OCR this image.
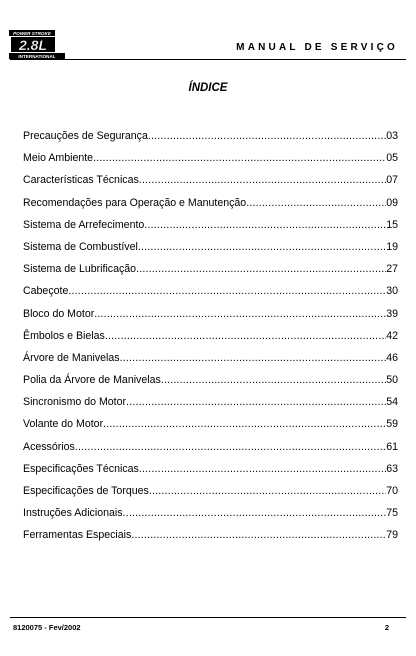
POWER STROKE
2.8L
INTERNATIONAL
MANUAL DE SERVIÇO
ÍNDICE
Precauções de Segurança .....	03
Meio Ambiente .....	05
Características Técnicas .....	07
Recomendações para Operação e Manutenção .....	09
Sistema de Arrefecimento .....	15
Sistema de Combustível .....	19
Sistema de Lubrificação .....	27
Cabeçote .....	30
Bloco do Motor .....	39
Êmbolos e Bielas .....	42
Árvore de Manivelas .....	46
Polia da Árvore de Manivelas .....	50
Sincronismo do Motor .....	54
Volante do Motor .....	59
Acessórios .....	61
Especificações Técnicas .....	63
Especificações de Torques .....	70
Instruções Adicionais .....	75
Ferramentas Especiais .....	79
8120075 - Fev/2002	2
